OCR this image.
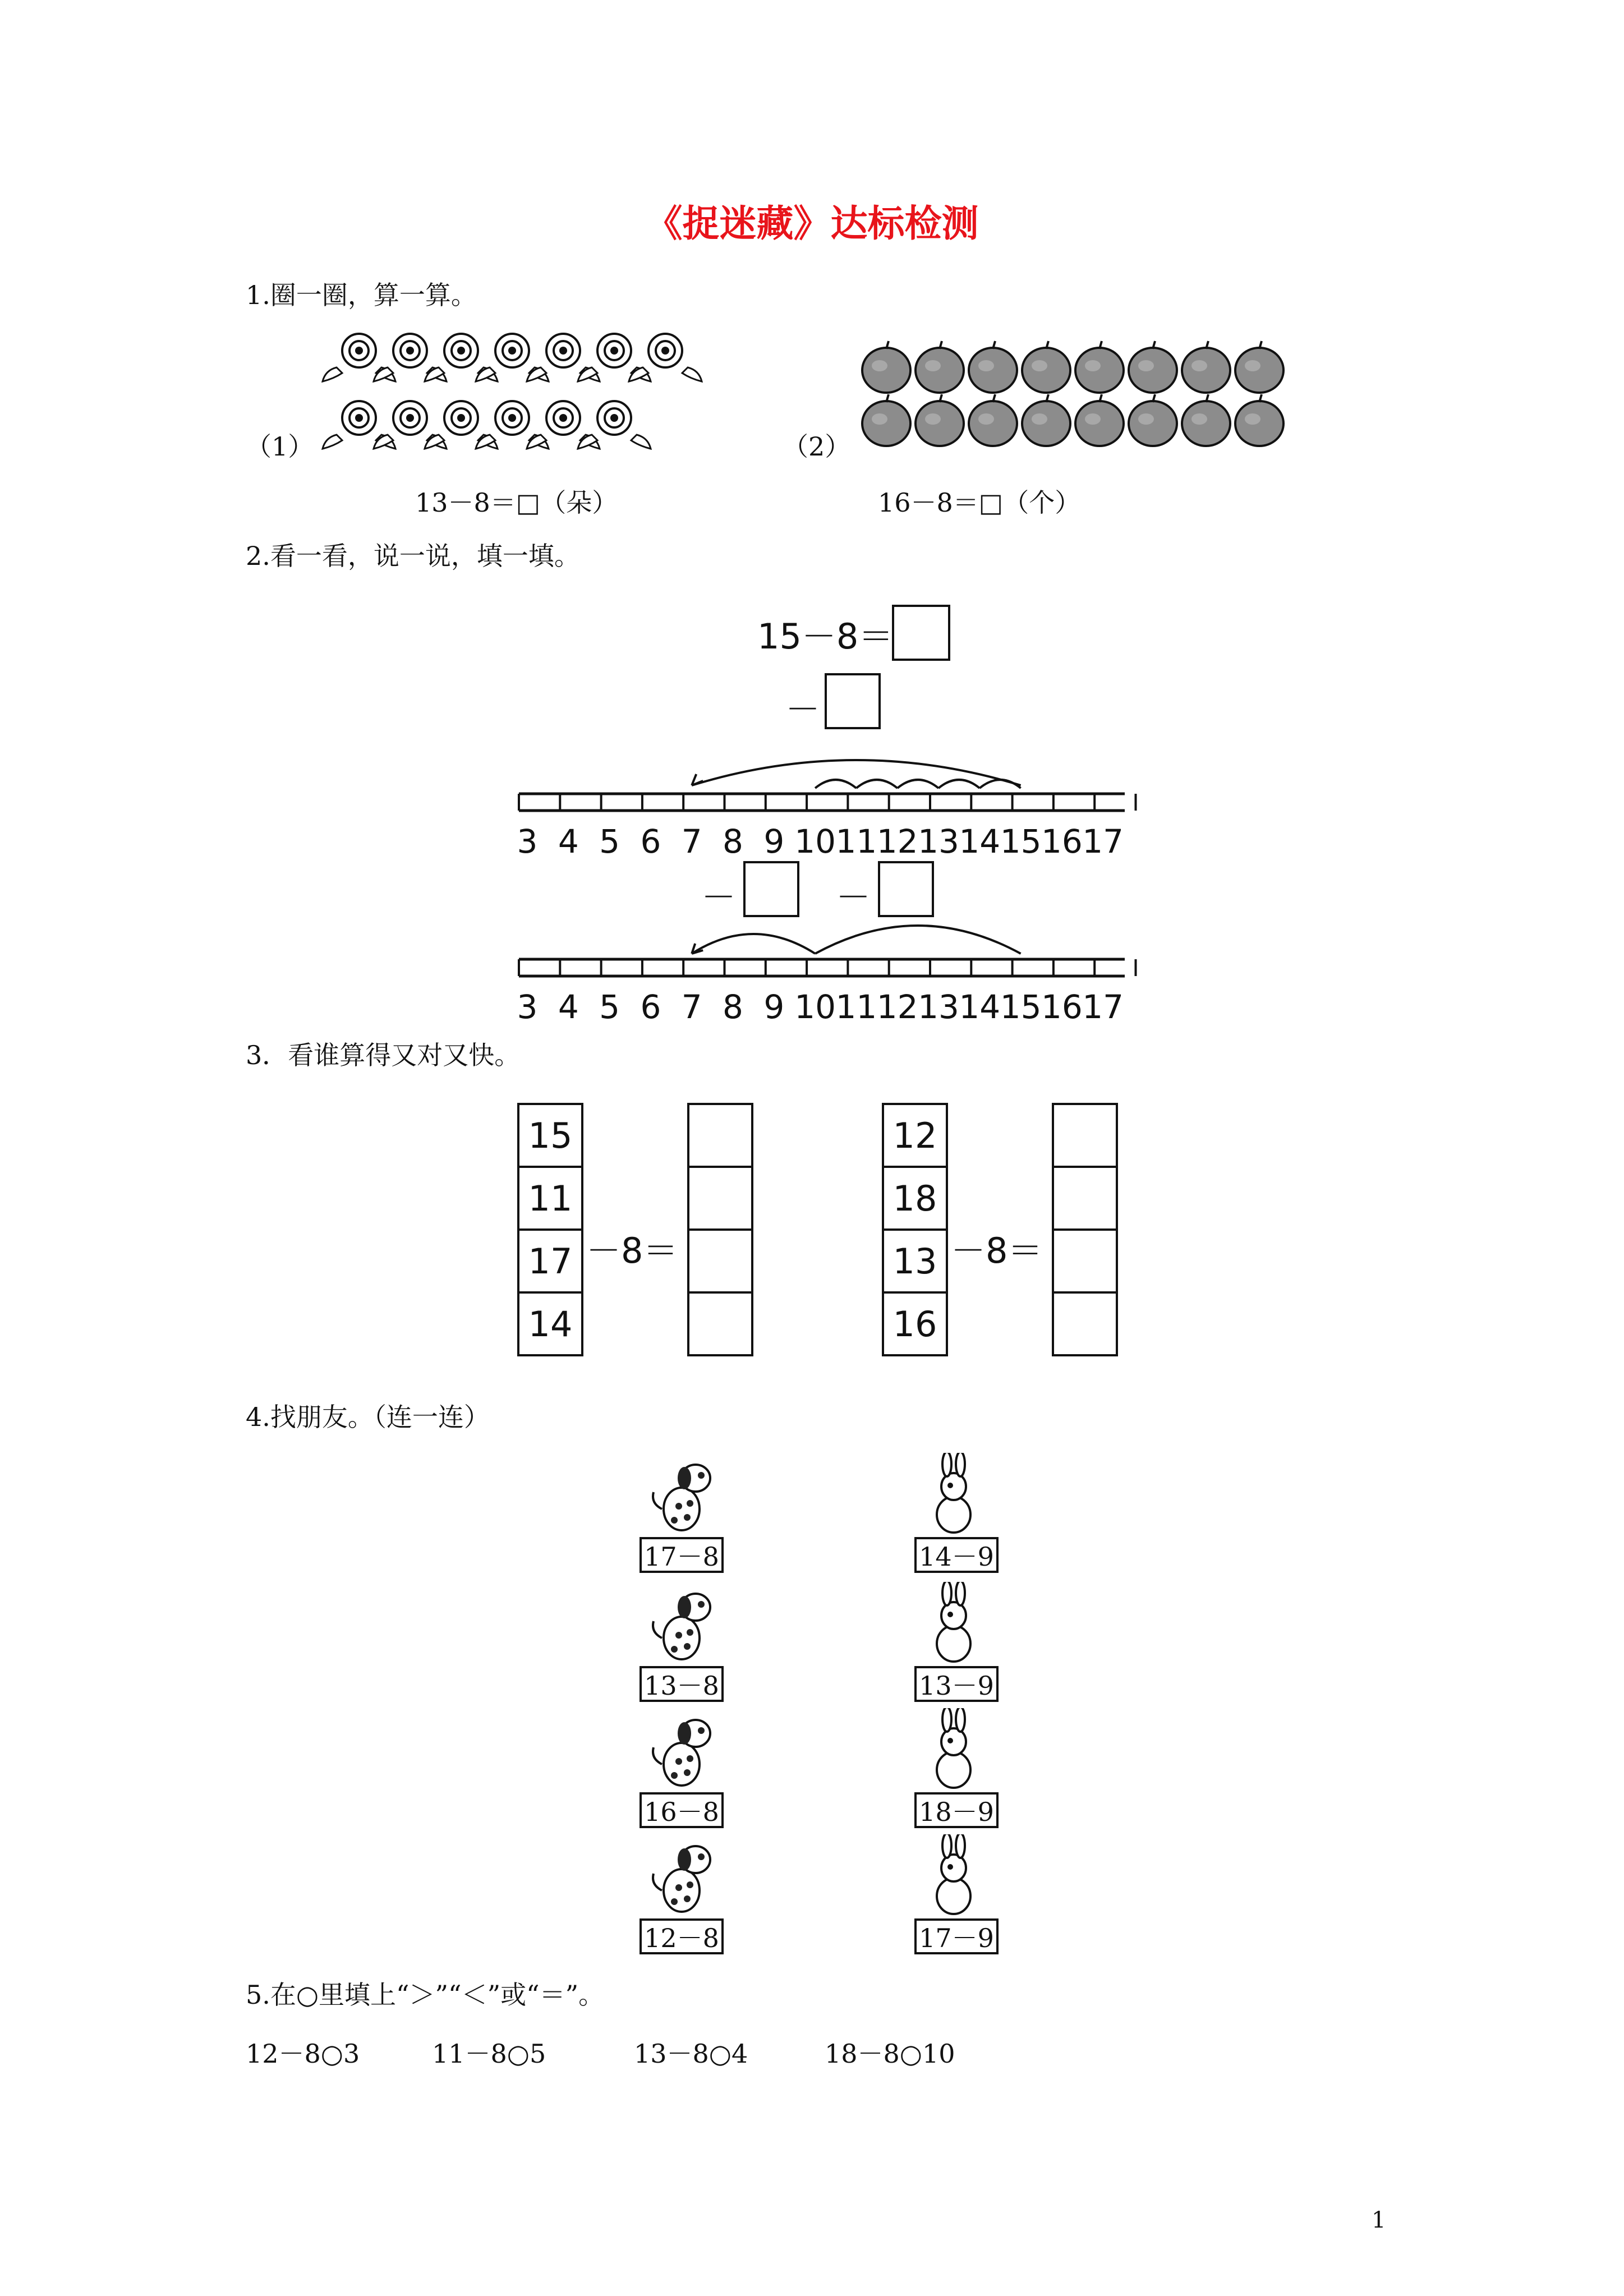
《捉迷藏》达标检测
1.圈一圈，算一算。
（1）	（2）
13－8＝□（朵）	16－8＝□（个）
2.看一看，说一说，填一填。
15－8＝
－
－	－
3 4 5 6 7 8 9 10 11 12 13 14 15 16 17
3 4 5 6 7 8 9 10 11 12 13 14 15 16 17
3．看谁算得又对又快。
15
11
17
14
－8＝
12
18
13
16
－8＝
4.找朋友。（连一连）
17－8
13－8
16－8
12－8
14－9
13－9
18－9
17－9
5.在○里填上“＞”“＜”或“＝”。
12－8○3	11－8○5	13－8○4	18－8○10
1
